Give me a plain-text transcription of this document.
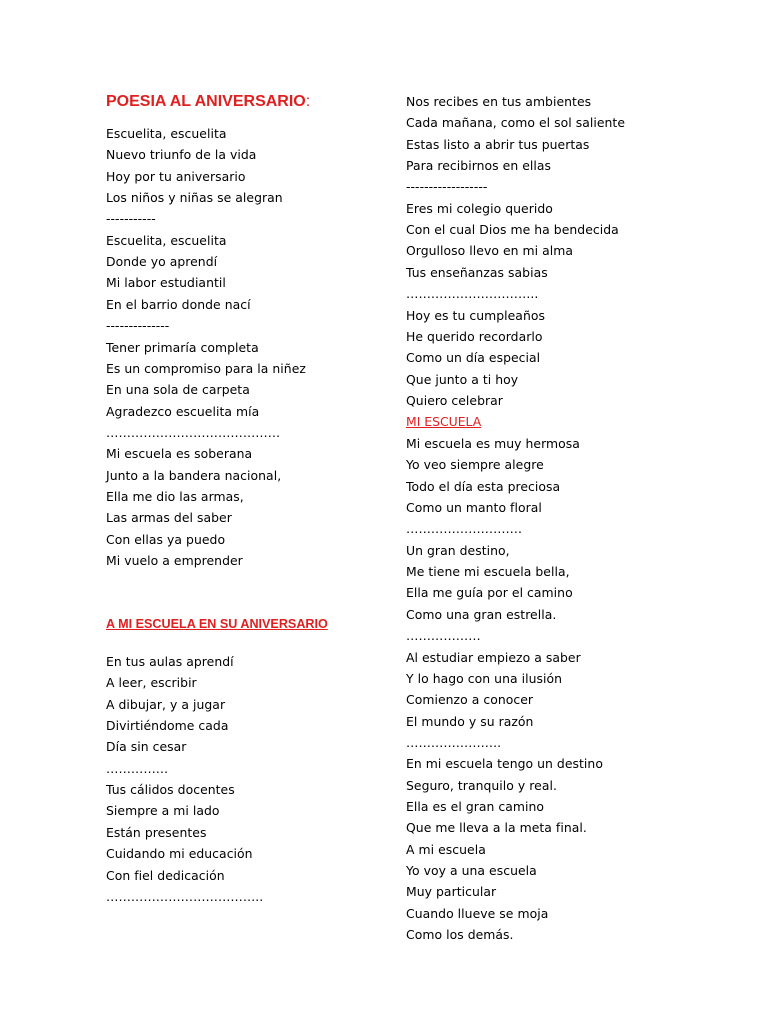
POESIA AL ANIVERSARIO:
Escuelita, escuelita
Nuevo triunfo de la vida
Hoy por tu aniversario
Los niños y niñas se alegran
-----------
Escuelita, escuelita
Donde yo aprendí
Mi labor estudiantil
En el barrio donde nací
--------------
Tener primaría completa
Es un compromiso para la niñez
En una sola de carpeta
Agradezco escuelita mía
……………………………………
Mi escuela es soberana
Junto a la bandera nacional,
Ella me dio las armas,
Las armas del saber
Con ellas ya puedo
Mi vuelo a emprender
A MI ESCUELA EN SU ANIVERSARIO
En tus aulas aprendí
A leer, escribir
A dibujar, y a jugar
Divirtiéndome cada
Día sin cesar
……………
Tus cálidos docentes
Siempre a mi lado
Están presentes
Cuidando mi educación
Con fiel dedicación
………………………………..
Nos recibes en tus ambientes
Cada mañana, como el sol saliente
Estas listo a abrir tus puertas
Para recibirnos en ellas
------------------
Eres mi colegio querido
Con el cual Dios me ha bendecida
Orgulloso llevo en mi alma
Tus enseñanzas sabias
…………………………..
Hoy es tu cumpleaños
He querido recordarlo
Como un día especial
Que junto a ti hoy
Quiero celebrar
MI ESCUELA
Mi escuela es muy hermosa
Yo veo siempre alegre
Todo el día esta preciosa
Como un manto floral
……………………….
Un gran destino,
Me tiene mi escuela bella,
Ella me guía por el camino
Como una gran estrella.
………………
Al estudiar empiezo a saber
Y lo hago con una ilusión
Comienzo a conocer
El mundo y su razón
…………………..
En mi escuela tengo un destino
Seguro, tranquilo y real.
Ella es el gran camino
Que me lleva a la meta final.
A mi escuela
Yo voy a una escuela
Muy particular
Cuando llueve se moja
Como los demás.
